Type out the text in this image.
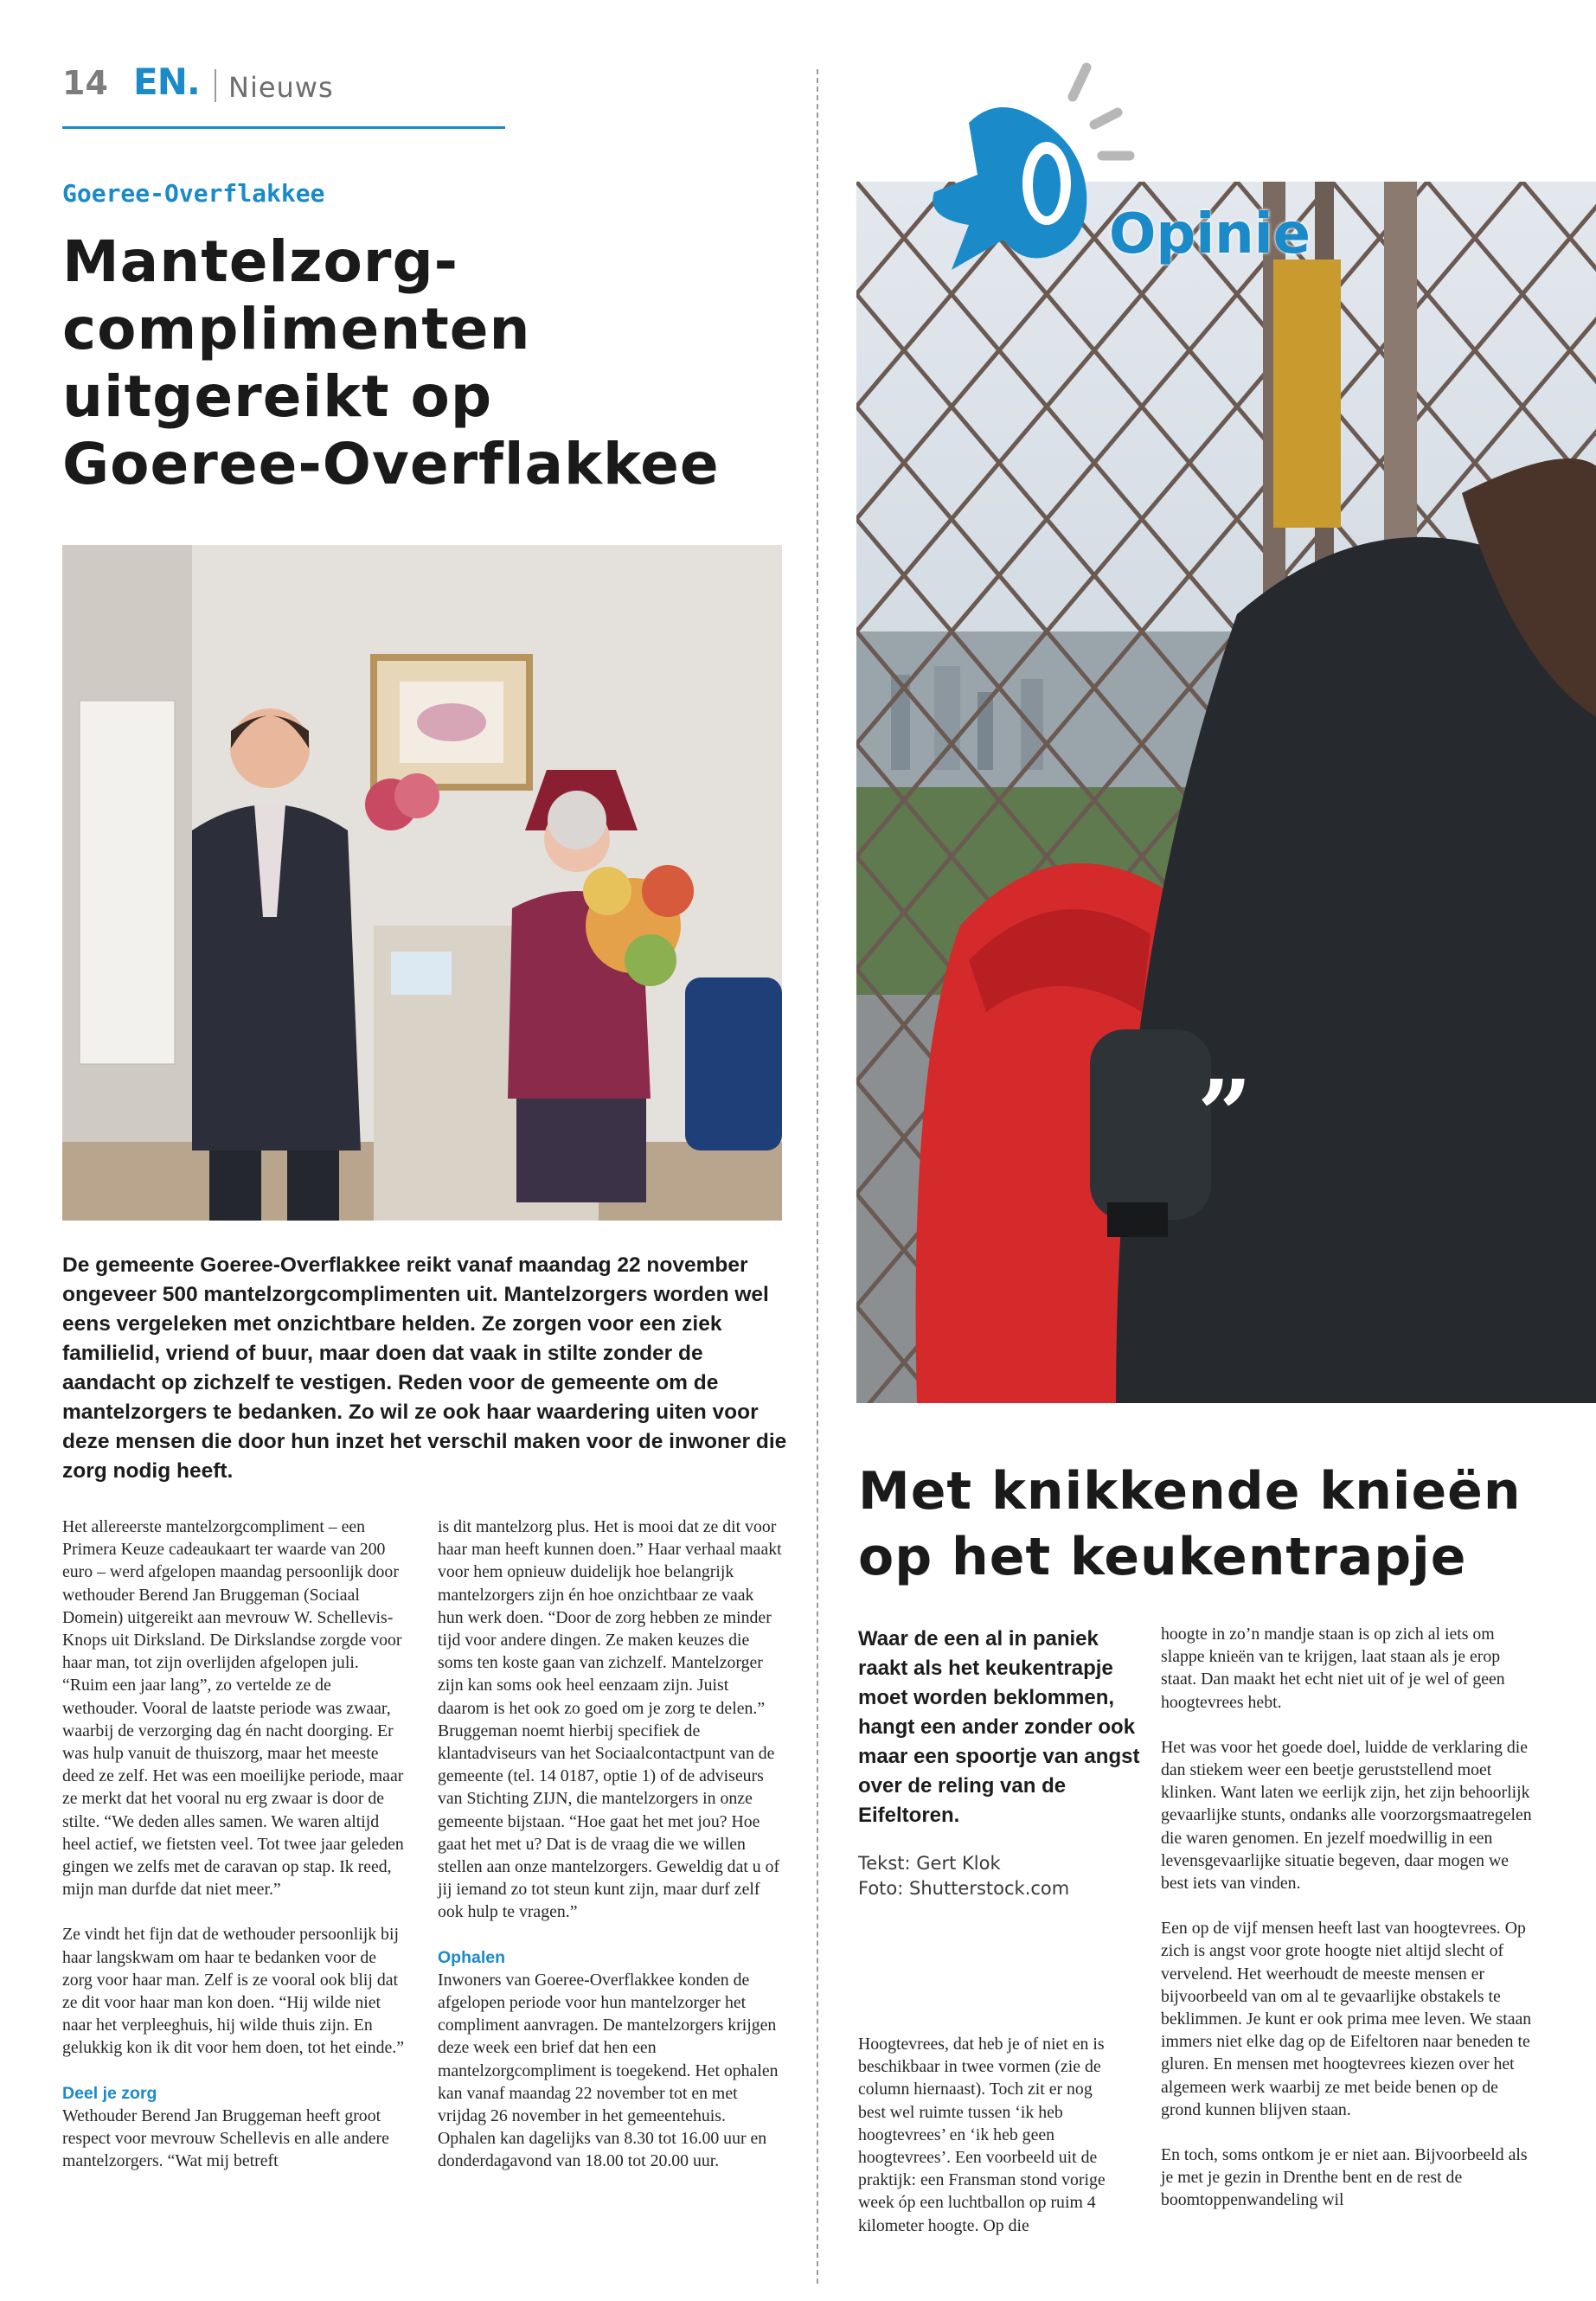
14 EN. Nieuws
Goeree-Overflakkee
Mantelzorg-
complimenten
uitgereikt op
Goeree-Overflakkee
De gemeente Goeree-Overflakkee reikt vanaf maandag 22 november ongeveer 500 mantelzorgcomplimenten uit. Mantelzorgers worden wel eens vergeleken met onzichtbare helden. Ze zorgen voor een ziek familielid, vriend of buur, maar doen dat vaak in stilte zonder de aandacht op zichzelf te vestigen. Reden voor de gemeente om de mantelzorgers te bedanken. Zo wil ze ook haar waardering uiten voor deze mensen die door hun inzet het verschil maken voor de inwoner die zorg nodig heeft.

Het allereerste mantelzorgcompliment – een Primera Keuze cadeaukaart ter waarde van 200 euro – werd afgelopen maandag persoonlijk door wethouder Berend Jan Bruggeman (Sociaal Domein) uitgereikt aan mevrouw W. Schellevis-Knops uit Dirksland. De Dirkslandse zorgde voor haar man, tot zijn overlijden afgelopen juli. “Ruim een jaar lang”, zo vertelde ze de wethouder. Vooral de laatste periode was zwaar, waarbij de verzorging dag én nacht doorging. Er was hulp vanuit de thuiszorg, maar het meeste deed ze zelf. Het was een moeilijke periode, maar ze merkt dat het vooral nu erg zwaar is door de stilte. “We deden alles samen. We waren altijd heel actief, we fietsten veel. Tot twee jaar geleden gingen we zelfs met de caravan op stap. Ik reed, mijn man durfde dat niet meer.”

Ze vindt het fijn dat de wethouder persoonlijk bij haar langskwam om haar te bedanken voor de zorg voor haar man. Zelf is ze vooral ook blij dat ze dit voor haar man kon doen. “Hij wilde niet naar het verpleeghuis, hij wilde thuis zijn. En gelukkig kon ik dit voor hem doen, tot het einde.”

Deel je zorg

Wethouder Berend Jan Bruggeman heeft groot respect voor mevrouw Schellevis en alle andere mantelzorgers. “Wat mij betreft

is dit mantelzorg plus. Het is mooi dat ze dit voor haar man heeft kunnen doen.” Haar verhaal maakt voor hem opnieuw duidelijk hoe belangrijk mantelzorgers zijn én hoe onzichtbaar ze vaak hun werk doen. “Door de zorg hebben ze minder tijd voor andere dingen. Ze maken keuzes die soms ten koste gaan van zichzelf. Mantelzorger zijn kan soms ook heel eenzaam zijn. Juist daarom is het ook zo goed om je zorg te delen.” Bruggeman noemt hierbij specifiek de klantadviseurs van het Sociaalcontactpunt van de gemeente (tel. 14 0187, optie 1) of de adviseurs van Stichting ZIJN, die mantelzorgers in onze gemeente bijstaan. “Hoe gaat het met jou? Hoe gaat het met u? Dat is de vraag die we willen stellen aan onze mantelzorgers. Geweldig dat u of jij iemand zo tot steun kunt zijn, maar durf zelf ook hulp te vragen.”

Ophalen

Inwoners van Goeree-Overflakkee konden de afgelopen periode voor hun mantelzorger het compliment aanvragen. De mantelzorgers krijgen deze week een brief dat hen een mantelzorgcompliment is toegekend. Het ophalen kan vanaf maandag 22 november tot en met vrijdag 26 november in het gemeentehuis. Ophalen kan dagelijks van 8.30 tot 16.00 uur en donderdagavond van 18.00 tot 20.00 uur.

Opinie
”
Met knikkende knieën
op het keukentrapje
Waar de een al in paniek raakt als het keukentrapje moet worden beklommen, hangt een ander zonder ook maar een spoortje van angst over de reling van de Eifeltoren.
Tekst: Gert Klok
Foto: Shutterstock.com

Hoogtevrees, dat heb je of niet en is beschikbaar in twee vormen (zie de column hiernaast). Toch zit er nog best wel ruimte tussen ‘ik heb hoogtevrees’ en ‘ik heb geen hoogtevrees’. Een voorbeeld uit de praktijk: een Fransman stond vorige week óp een luchtballon op ruim 4 kilometer hoogte. Op die

hoogte in zo’n mandje staan is op zich al iets om slappe knieën van te krijgen, laat staan als je erop staat. Dan maakt het echt niet uit of je wel of geen hoogtevrees hebt.

Het was voor het goede doel, luidde de verklaring die dan stiekem weer een beetje geruststellend moet klinken. Want laten we eerlijk zijn, het zijn behoorlijk gevaarlijke stunts, ondanks alle voorzorgsmaatregelen die waren genomen. En jezelf moedwillig in een levensgevaarlijke situatie begeven, daar mogen we best iets van vinden.

Een op de vijf mensen heeft last van hoogtevrees. Op zich is angst voor grote hoogte niet altijd slecht of vervelend. Het weerhoudt de meeste mensen er bijvoorbeeld van om al te gevaarlijke obstakels te beklimmen. Je kunt er ook prima mee leven. We staan immers niet elke dag op de Eifeltoren naar beneden te gluren. En mensen met hoogtevrees kiezen over het algemeen werk waarbij ze met beide benen op de grond kunnen blijven staan.

En toch, soms ontkom je er niet aan. Bijvoorbeeld als je met je gezin in Drenthe bent en de rest de boomtoppenwandeling wil
